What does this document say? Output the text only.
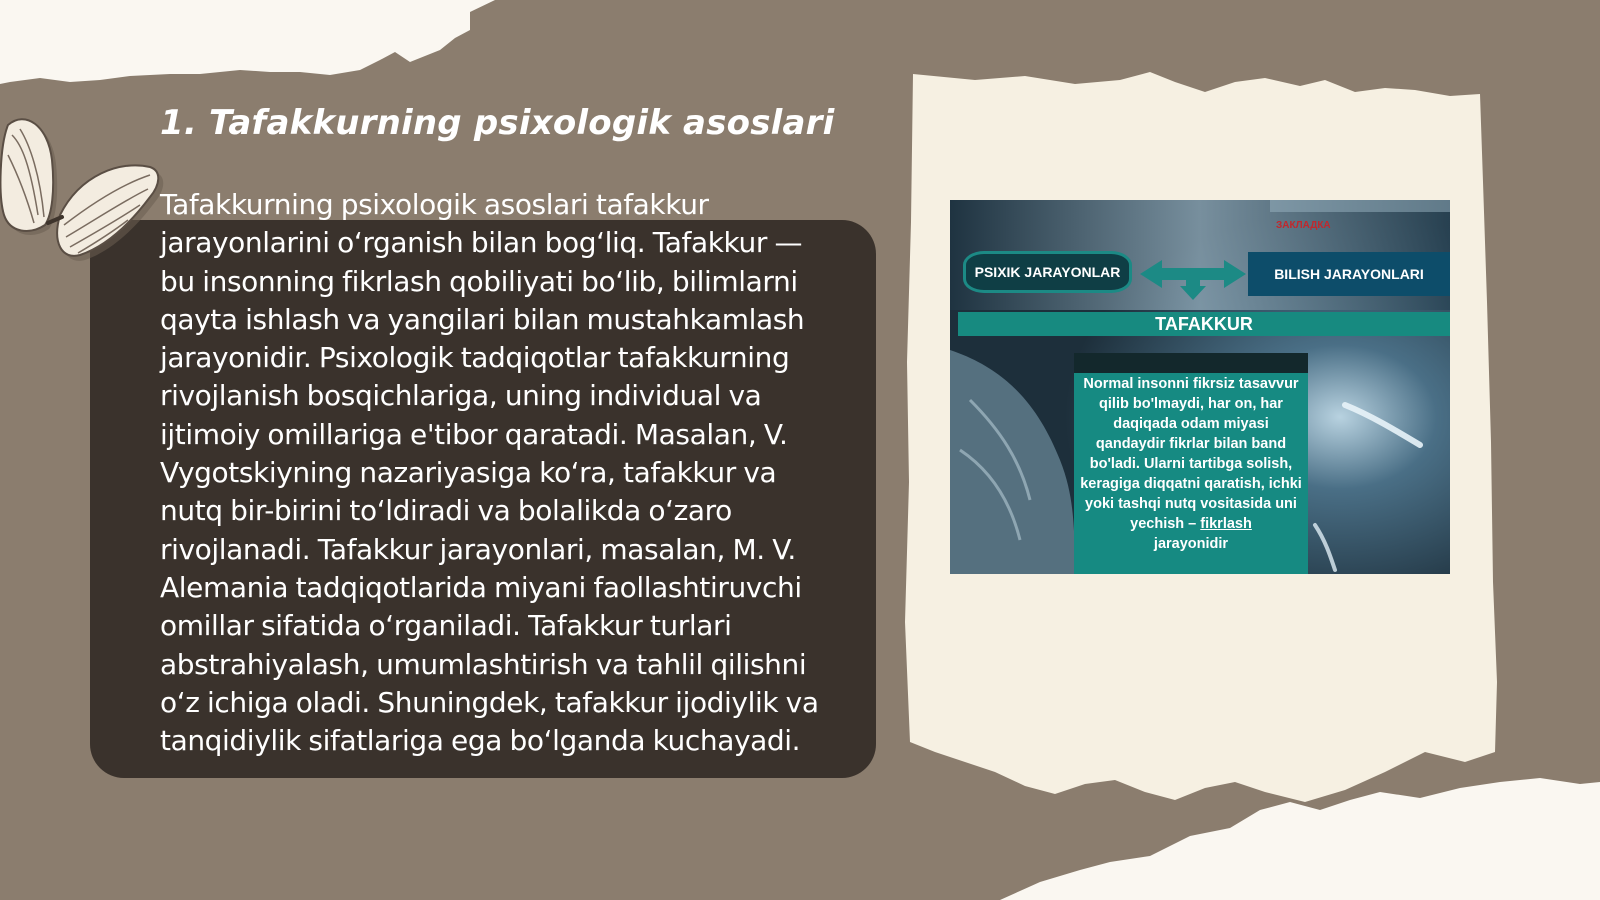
1. Tafakkurning psixologik asoslari

Tafakkurning psixologik asoslari tafakkur jarayonlarini o‘rganish bilan bog‘liq. Tafakkur — bu insonning fikrlash qobiliyati bo‘lib, bilimlarni qayta ishlash va yangilari bilan mustahkamlash jarayonidir. Psixologik tadqiqotlar tafakkurning rivojlanish bosqichlariga, uning individual va ijtimoiy omillariga e'tibor qaratadi. Masalan, V. Vygotskiyning nazariyasiga ko‘ra, tafakkur va nutq bir-birini to‘ldiradi va bolalikda o‘zaro rivojlanadi. Tafakkur jarayonlari, masalan, M. V. Alemania tadqiqotlarida miyani faollashtiruvchi omillar sifatida o‘rganiladi. Tafakkur turlari abstrahiyalash, umumlashtirish va tahlil qilishni o‘z ichiga oladi. Shuningdek, tafakkur ijodiylik va tanqidiylik sifatlariga ega bo‘lganda kuchayadi.

ЗАКЛАДКА
PSIXIK JARAYONLAR	BILISH JARAYONLARI
TAFAKKUR
Normal insonni fikrsiz tasavvur qilib bo'lmaydi, har on, har daqiqada odam miyasi qandaydir fikrlar bilan band bo'ladi. Ularni tartibga solish, keragiga diqqatni qaratish, ichki yoki tashqi nutq vositasida uni yechish – fikrlash
jarayonidir
